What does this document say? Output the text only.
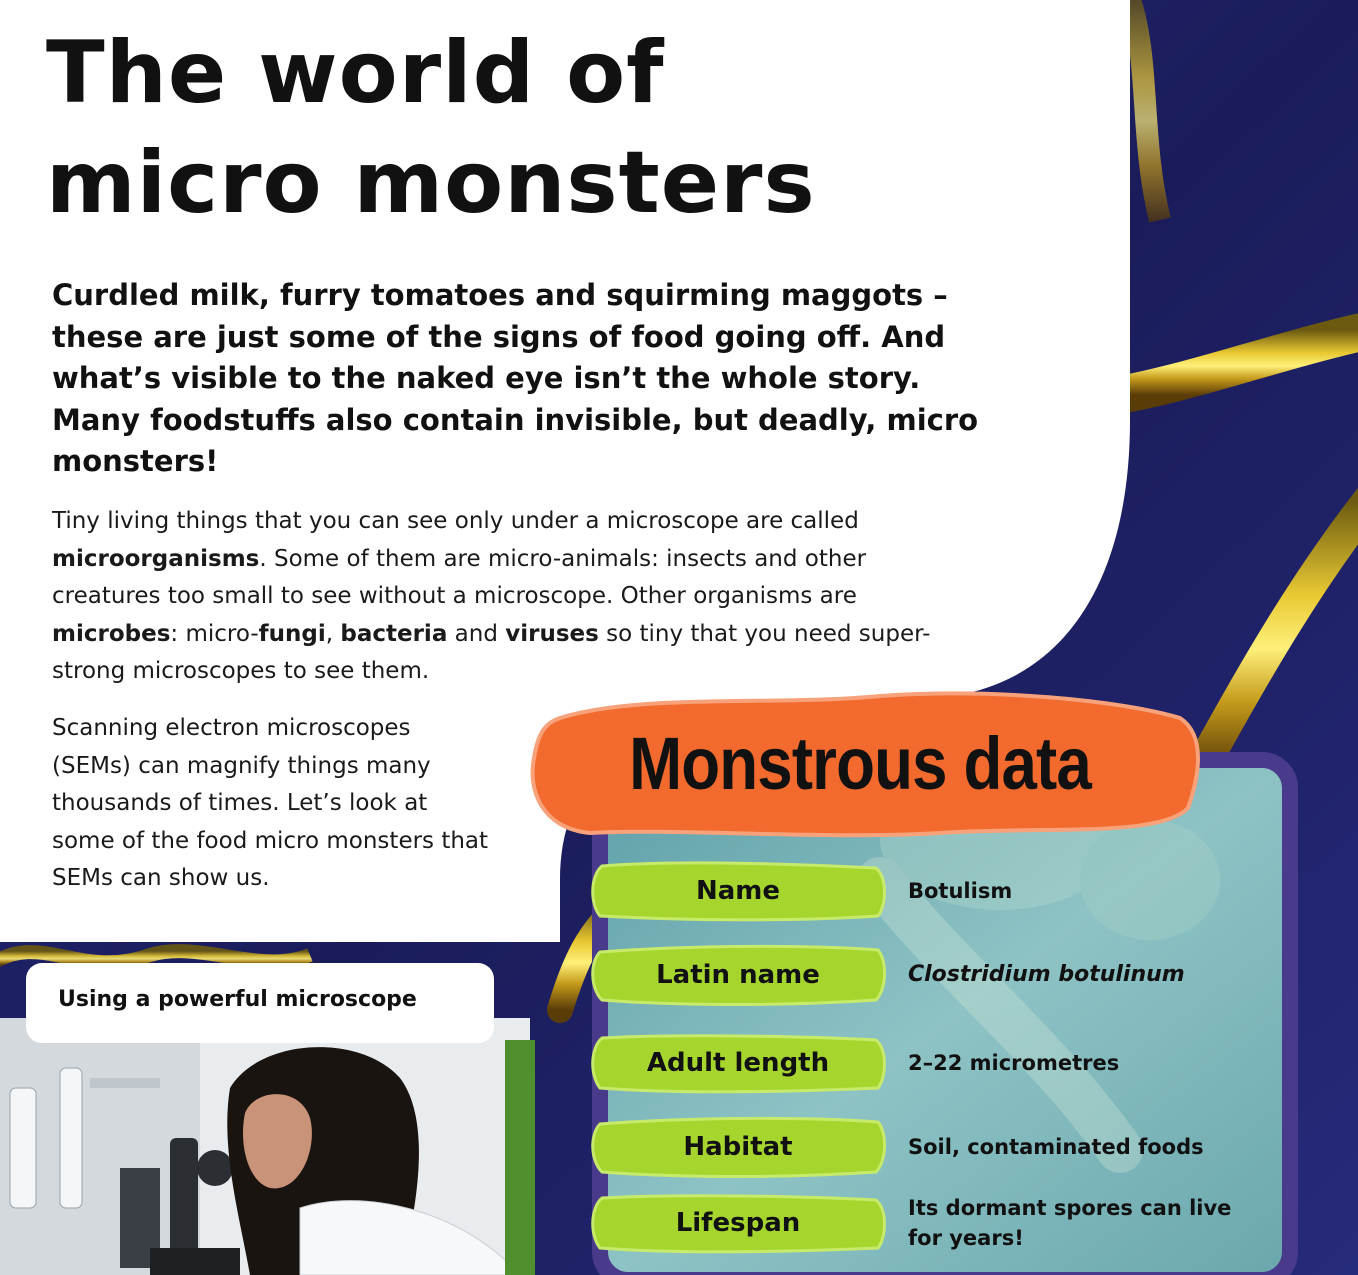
The world of
micro monsters

Curdled milk, furry tomatoes and squirming maggots – these are just some of the signs of food going off. And what’s visible to the naked eye isn’t the whole story. Many foodstuffs also contain invisible, but deadly, micro monsters!

Tiny living things that you can see only under a microscope are called microorganisms. Some of them are micro-animals: insects and other creatures too small to see without a microscope. Other organisms are microbes: micro-fungi, bacteria and viruses so tiny that you need super-strong microscopes to see them.

Scanning electron microscopes (SEMs) can magnify things many thousands of times. Let’s look at some of the food micro monsters that SEMs can show us.

Using a powerful microscope
Monstrous data
Name	Botulism
Latin name	Clostridium botulinum
Adult length	2–22 micrometres
Habitat	Soil, contaminated foods
Lifespan	Its dormant spores can live for years!
